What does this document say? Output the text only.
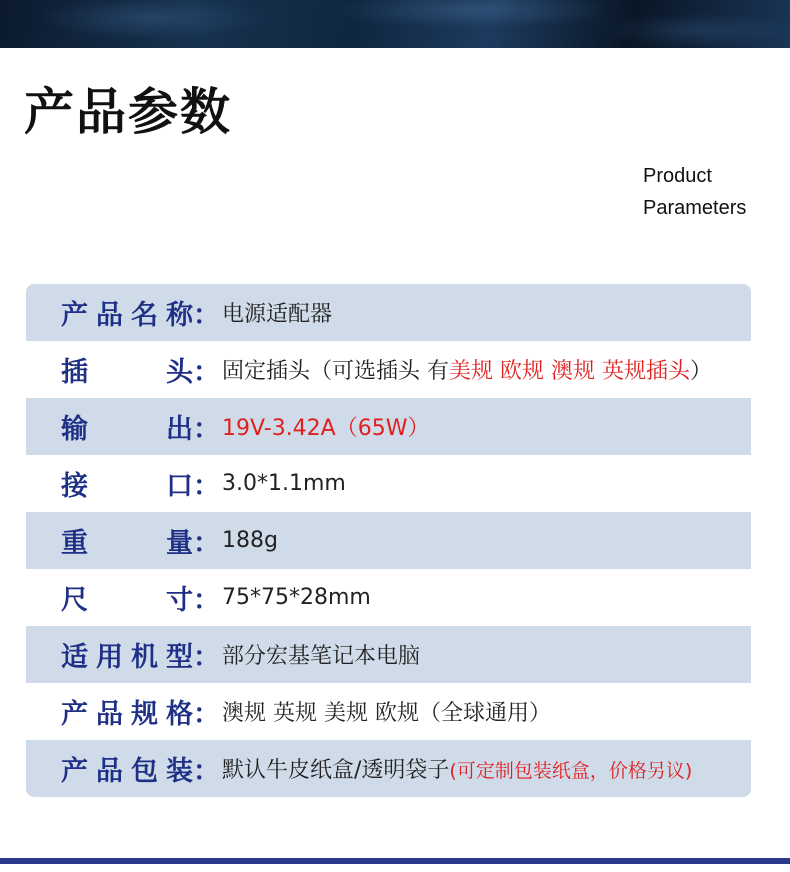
产品参数
Product
Parameters
产 品 名 称 ： 电源适配器
插	头 ： 固定插头（可选插头 有美规 欧规 澳规 英规插头）
输	出 ： 19V-3.42A（65W）
接	口 ： 3.0*1.1mm
重	量 ： 188g
尺	寸 ： 75*75*28mm
适 用 机 型 ： 部分宏基笔记本电脑
产 品 规 格 ： 澳规 英规 美规 欧规（全球通用）
产 品 包 装 ： 默认牛皮纸盒/透明袋子(可定制包装纸盒，价格另议)
